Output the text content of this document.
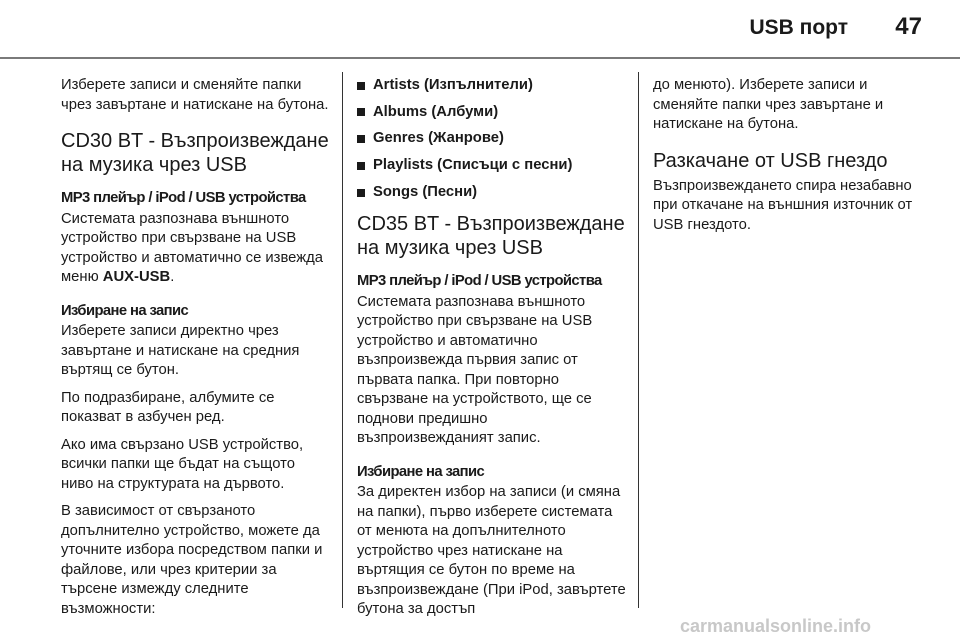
USB порт 47

Изберете записи и сменяйте папки чрез завъртане и натискане на бутона.

CD30 BT - Възпроизвеждане на музика чрез USB
MP3 плейър / iPod / USB устройства

Системата разпознава външното устройство при свързване на USB устройство и автоматично се извежда меню AUX-USB.

Избиране на запис

Изберете записи директно чрез завъртане и натискане на средния въртящ се бутон.

По подразбиране, албумите се показват в азбучен ред.

Ако има свързано USB устройство, всички папки ще бъдат на същото ниво на структурата на дървото.

В зависимост от свързаното допълнително устройство, можете да уточните избора посредством папки и файлове, или чрез критерии за търсене измежду следните възможности:

Artists (Изпълнители)
Albums (Албуми)
Genres (Жанрове)
Playlists (Списъци с песни)
Songs (Песни)
CD35 BT - Възпроизвеждане на музика чрез USB
MP3 плейър / iPod / USB устройства

Системата разпознава външното устройство при свързване на USB устройство и автоматично възпроизвежда първия запис от първата папка. При повторно свързване на устройството, ще се поднови предишно възпроизвежданият запис.

Избиране на запис

За директен избор на записи (и смяна на папки), първо изберете системата от менюта на допълнителното устройство чрез натискане на въртящия се бутон по време на възпроизвеждане (При iPod, завъртете бутона за достъп

до менюто). Изберете записи и сменяйте папки чрез завъртане и натискане на бутона.

Разкачане от USB гнездо

Възпроизвеждането спира незабавно при откачане на външния източник от USB гнездото.

carmanualsonline.info
